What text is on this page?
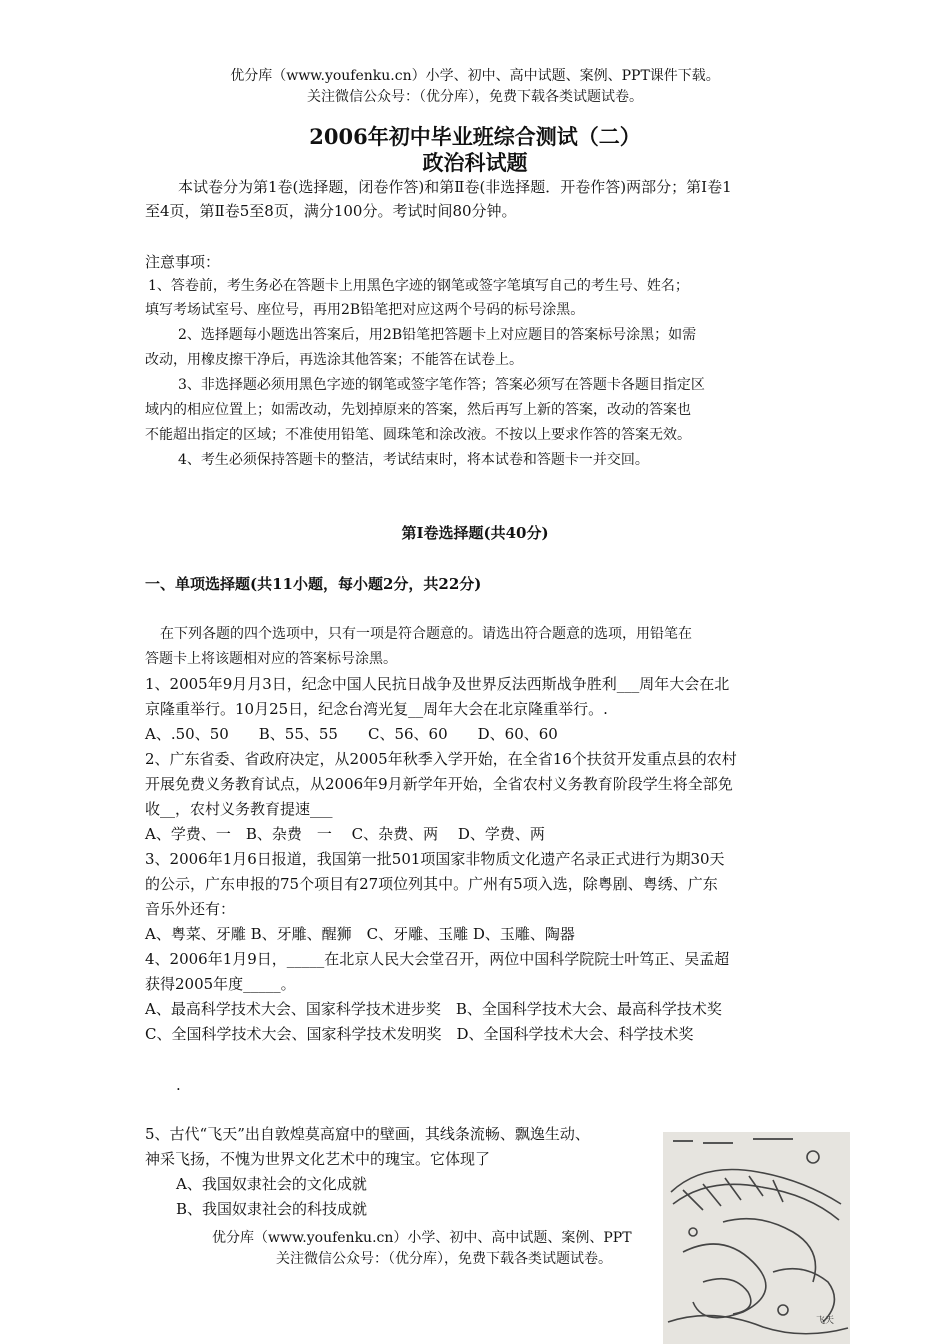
优分库（www.youfenku.cn）小学、初中、高中试题、案例、PPT课件下载。
关注微信公众号：（优分库），免费下载各类试题试卷。
2006年初中毕业班综合测试（二）
政治科试题
本试卷分为第1卷(选择题，闭卷作答)和第Ⅱ卷(非选择题．开卷作答)两部分；第Ⅰ卷1
至4页，第Ⅱ卷5至8页，满分100分。考试时间80分钟。
注意事项：
1、答卷前，考生务必在答题卡上用黑色字迹的钢笔或签字笔填写自己的考生号、姓名；
填写考场试室号、座位号，再用2B铅笔把对应这两个号码的标号涂黑。
2、选择题每小题选出答案后，用2B铅笔把答题卡上对应题目的答案标号涂黑；如需
改动，用橡皮擦干净后，再选涂其他答案；不能答在试卷上。
3、非选择题必须用黑色字迹的钢笔或签字笔作答；答案必须写在答题卡各题目指定区
域内的相应位置上；如需改动，先划掉原来的答案，然后再写上新的答案，改动的答案也
不能超出指定的区域；不准使用铅笔、圆珠笔和涂改液。不按以上要求作答的答案无效。
4、考生必须保持答题卡的整洁，考试结束时，将本试卷和答题卡一并交回。
第Ⅰ卷选择题(共40分)
一、单项选择题(共11小题，每小题2分，共22分)
在下列各题的四个选项中，只有一项是符合题意的。请选出符合题意的选项，用铅笔在
答题卡上将该题相对应的答案标号涂黑。
1、2005年9月月3日，纪念中国人民抗日战争及世界反法西斯战争胜利___周年大会在北
京隆重举行。10月25日，纪念台湾光复__周年大会在北京隆重举行。.
A、.50、50　　B、55、55　　C、56、60　　D、60、60
2、广东省委、省政府决定，从2005年秋季入学开始，在全省16个扶贫开发重点县的农村
开展免费义务教育试点，从2006年9月新学年开始，全省农村义务教育阶段学生将全部免
收__，农村义务教育提速___
A、学费、一　B、杂费　一　 C、杂费、两　 D、学费、两
3、2006年1月6日报道，我国第一批501项国家非物质文化遗产名录正式进行为期30天
的公示，广东申报的75个项目有27项位列其中。广州有5项入选，除粤剧、粤绣、广东
音乐外还有：
A、粤菜、牙雕 B、牙雕、醒狮　C、牙雕、玉雕 D、玉雕、陶器
4、2006年1月9日，_____在北京人民大会堂召开，两位中国科学院院士叶笃正、吴孟超
获得2005年度_____。
A、最高科学技术大会、国家科学技术进步奖　B、全国科学技术大会、最高科学技术奖
C、全国科学技术大会、国家科学技术发明奖　D、全国科学技术大会、科学技术奖
.
5、古代“飞天”出自敦煌莫高窟中的壁画，其线条流畅、飘逸生动、
神采飞扬，不愧为世界文化艺术中的瑰宝。它体现了
A、我国奴隶社会的文化成就
B、我国奴隶社会的科技成就
飞天
优分库（www.youfenku.cn）小学、初中、高中试题、案例、PPT
关注微信公众号：（优分库），免费下载各类试题试卷。
